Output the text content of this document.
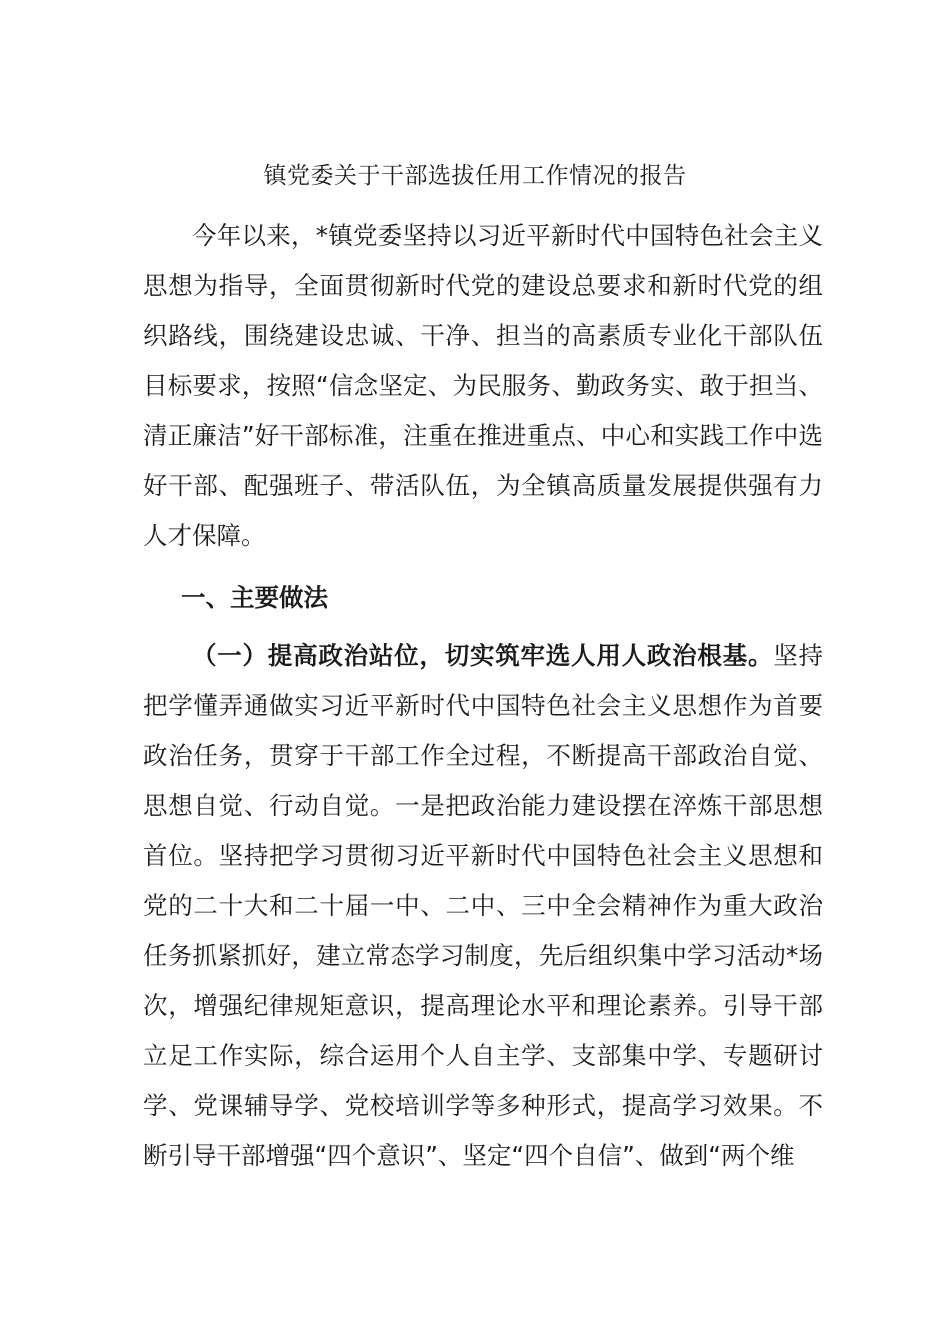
镇党委关于干部选拔任用工作情况的报告
今年以来，*镇党委坚持以习近平新时代中国特色社会主义思想为指导，全面贯彻新时代党的建设总要求和新时代党的组织路线，围绕建设忠诚、干净、担当的高素质专业化干部队伍目标要求，按照“信念坚定、为民服务、勤政务实、敢于担当、清正廉洁”好干部标准，注重在推进重点、中心和实践工作中选好干部、配强班子、带活队伍，为全镇高质量发展提供强有力人才保障。
一、主要做法
（一）提高政治站位，切实筑牢选人用人政治根基。坚持把学懂弄通做实习近平新时代中国特色社会主义思想作为首要政治任务，贯穿于干部工作全过程，不断提高干部政治自觉、思想自觉、行动自觉。一是把政治能力建设摆在淬炼干部思想首位。坚持把学习贯彻习近平新时代中国特色社会主义思想和党的二十大和二十届一中、二中、三中全会精神作为重大政治任务抓紧抓好，建立常态学习制度，先后组织集中学习活动*场次，增强纪律规矩意识，提高理论水平和理论素养。引导干部立足工作实际，综合运用个人自主学、支部集中学、专题研讨学、党课辅导学、党校培训学等多种形式，提高学习效果。不断引导干部增强“四个意识”、坚定“四个自信”、做到“两个维
